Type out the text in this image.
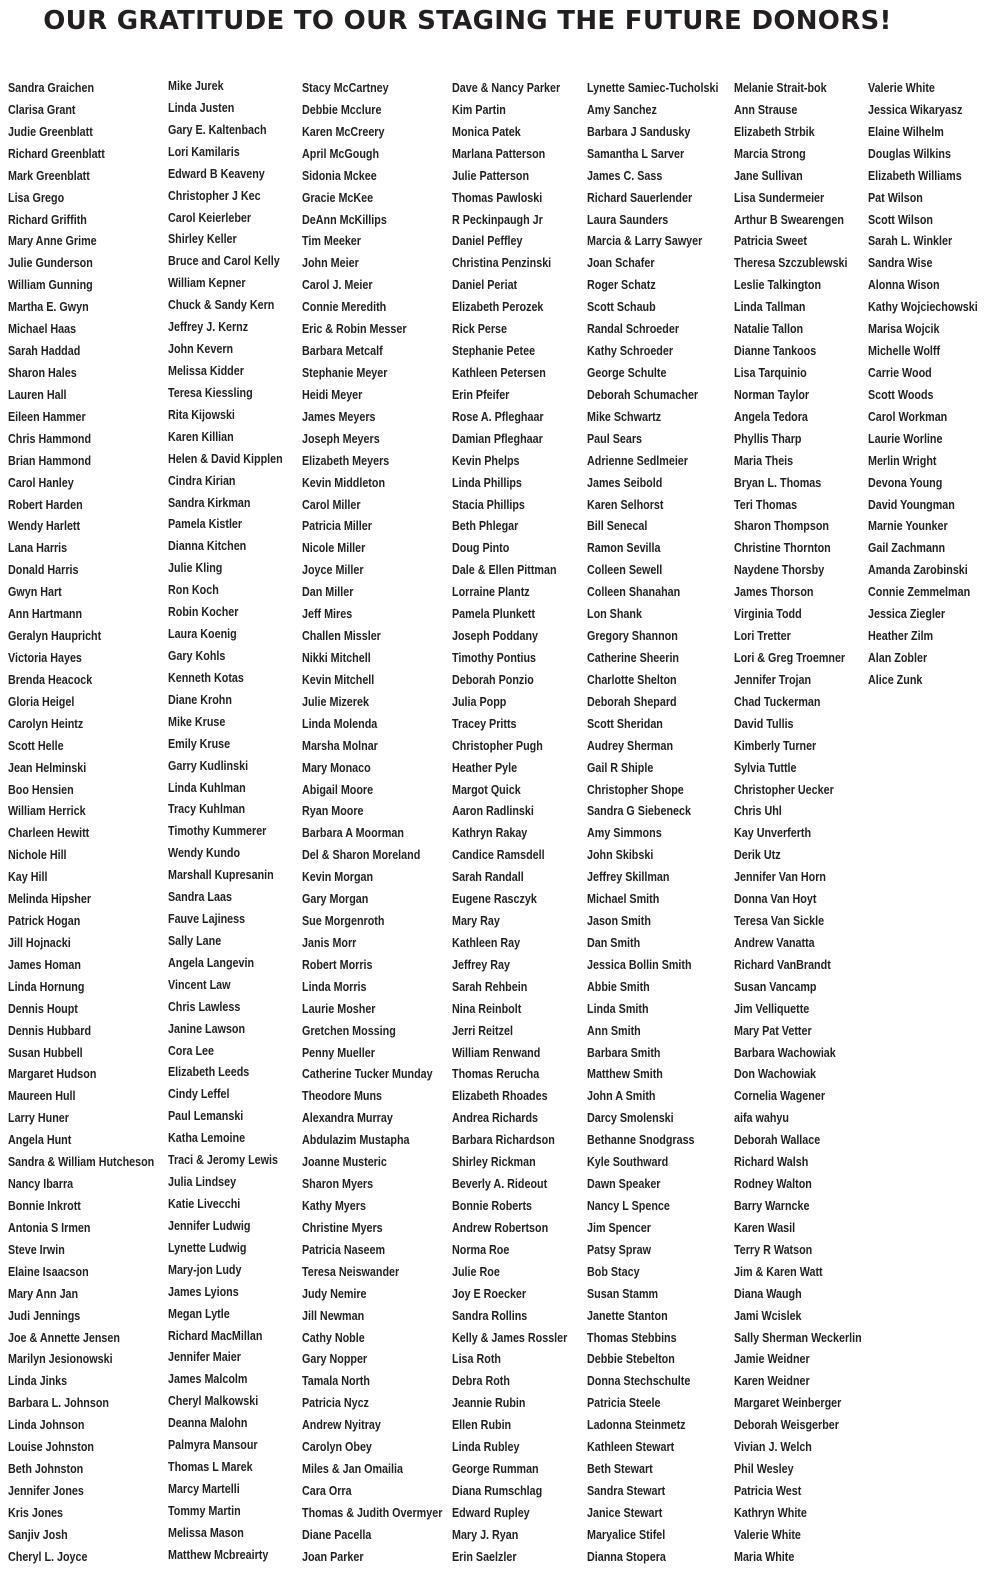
OUR GRATITUDE TO OUR STAGING THE FUTURE DONORS!
Sandra Graichen
Clarisa Grant
Judie Greenblatt
Richard Greenblatt
Mark Greenblatt
Lisa Grego
Richard Griffith
Mary Anne Grime
Julie Gunderson
William Gunning
Martha E. Gwyn
Michael Haas
Sarah Haddad
Sharon Hales
Lauren Hall
Eileen Hammer
Chris Hammond
Brian Hammond
Carol Hanley
Robert Harden
Wendy Harlett
Lana Harris
Donald Harris
Gwyn Hart
Ann Hartmann
Geralyn Haupricht
Victoria Hayes
Brenda Heacock
Gloria Heigel
Carolyn Heintz
Scott Helle
Jean Helminski
Boo Hensien
William Herrick
Charleen Hewitt
Nichole Hill
Kay Hill
Melinda Hipsher
Patrick Hogan
Jill Hojnacki
James Homan
Linda Hornung
Dennis Houpt
Dennis Hubbard
Susan Hubbell
Margaret Hudson
Maureen Hull
Larry Huner
Angela Hunt
Sandra & William Hutcheson
Nancy Ibarra
Bonnie Inkrott
Antonia S Irmen
Steve Irwin
Elaine Isaacson
Mary Ann Jan
Judi Jennings
Joe & Annette Jensen
Marilyn Jesionowski
Linda Jinks
Barbara L. Johnson
Linda Johnson
Louise Johnston
Beth Johnston
Jennifer Jones
Kris Jones
Sanjiv Josh
Cheryl L. Joyce
Mike Jurek
Linda Justen
Gary E. Kaltenbach
Lori Kamilaris
Edward B Keaveny
Christopher J Kec
Carol Keierleber
Shirley Keller
Bruce and Carol Kelly
William Kepner
Chuck & Sandy Kern
Jeffrey J. Kernz
John Kevern
Melissa Kidder
Teresa Kiessling
Rita Kijowski
Karen Killian
Helen & David Kipplen
Cindra Kirian
Sandra Kirkman
Pamela Kistler
Dianna Kitchen
Julie Kling
Ron Koch
Robin Kocher
Laura Koenig
Gary Kohls
Kenneth Kotas
Diane Krohn
Mike Kruse
Emily Kruse
Garry Kudlinski
Linda Kuhlman
Tracy Kuhlman
Timothy Kummerer
Wendy Kundo
Marshall Kupresanin
Sandra Laas
Fauve Lajiness
Sally Lane
Angela Langevin
Vincent Law
Chris Lawless
Janine Lawson
Cora Lee
Elizabeth Leeds
Cindy Leffel
Paul Lemanski
Katha Lemoine
Traci & Jeromy Lewis
Julia Lindsey
Katie Livecchi
Jennifer Ludwig
Lynette Ludwig
Mary-jon Ludy
James Lyions
Megan Lytle
Richard MacMillan
Jennifer Maier
James Malcolm
Cheryl Malkowski
Deanna Malohn
Palmyra Mansour
Thomas L Marek
Marcy Martelli
Tommy Martin
Melissa Mason
Matthew Mcbreairty
Stacy McCartney
Debbie Mcclure
Karen McCreery
April McGough
Sidonia Mckee
Gracie McKee
DeAnn McKillips
Tim Meeker
John Meier
Carol J. Meier
Connie Meredith
Eric & Robin Messer
Barbara Metcalf
Stephanie Meyer
Heidi Meyer
James Meyers
Joseph Meyers
Elizabeth Meyers
Kevin Middleton
Carol Miller
Patricia Miller
Nicole Miller
Joyce Miller
Dan Miller
Jeff Mires
Challen Missler
Nikki Mitchell
Kevin Mitchell
Julie Mizerek
Linda Molenda
Marsha Molnar
Mary Monaco
Abigail Moore
Ryan Moore
Barbara A Moorman
Del & Sharon Moreland
Kevin Morgan
Gary Morgan
Sue Morgenroth
Janis Morr
Robert Morris
Linda Morris
Laurie Mosher
Gretchen Mossing
Penny Mueller
Catherine Tucker Munday
Theodore Muns
Alexandra Murray
Abdulazim Mustapha
Joanne Musteric
Sharon Myers
Kathy Myers
Christine Myers
Patricia Naseem
Teresa Neiswander
Judy Nemire
Jill Newman
Cathy Noble
Gary Nopper
Tamala North
Patricia Nycz
Andrew Nyitray
Carolyn Obey
Miles & Jan Omailia
Cara Orra
Thomas & Judith Overmyer
Diane Pacella
Joan Parker
Dave & Nancy Parker
Kim Partin
Monica Patek
Marlana Patterson
Julie Patterson
Thomas Pawloski
R Peckinpaugh Jr
Daniel Peffley
Christina Penzinski
Daniel Periat
Elizabeth Perozek
Rick Perse
Stephanie Petee
Kathleen Petersen
Erin Pfeifer
Rose A. Pfleghaar
Damian Pfleghaar
Kevin Phelps
Linda Phillips
Stacia Phillips
Beth Phlegar
Doug Pinto
Dale & Ellen Pittman
Lorraine Plantz
Pamela Plunkett
Joseph Poddany
Timothy Pontius
Deborah Ponzio
Julia Popp
Tracey Pritts
Christopher Pugh
Heather Pyle
Margot Quick
Aaron Radlinski
Kathryn Rakay
Candice Ramsdell
Sarah Randall
Eugene Rasczyk
Mary Ray
Kathleen Ray
Jeffrey Ray
Sarah Rehbein
Nina Reinbolt
Jerri Reitzel
William Renwand
Thomas Rerucha
Elizabeth Rhoades
Andrea Richards
Barbara Richardson
Shirley Rickman
Beverly A. Rideout
Bonnie Roberts
Andrew Robertson
Norma Roe
Julie Roe
Joy E Roecker
Sandra Rollins
Kelly & James Rossler
Lisa Roth
Debra Roth
Jeannie Rubin
Ellen Rubin
Linda Rubley
George Rumman
Diana Rumschlag
Edward Rupley
Mary J. Ryan
Erin Saelzler
Lynette Samiec-Tucholski
Amy Sanchez
Barbara J Sandusky
Samantha L Sarver
James C. Sass
Richard Sauerlender
Laura Saunders
Marcia & Larry Sawyer
Joan Schafer
Roger Schatz
Scott Schaub
Randal Schroeder
Kathy Schroeder
George Schulte
Deborah Schumacher
Mike Schwartz
Paul Sears
Adrienne Sedlmeier
James Seibold
Karen Selhorst
Bill Senecal
Ramon Sevilla
Colleen Sewell
Colleen Shanahan
Lon Shank
Gregory Shannon
Catherine Sheerin
Charlotte Shelton
Deborah Shepard
Scott Sheridan
Audrey Sherman
Gail R Shiple
Christopher Shope
Sandra G Siebeneck
Amy Simmons
John Skibski
Jeffrey Skillman
Michael Smith
Jason Smith
Dan Smith
Jessica Bollin Smith
Abbie Smith
Linda Smith
Ann Smith
Barbara Smith
Matthew Smith
John A Smith
Darcy Smolenski
Bethanne Snodgrass
Kyle Southward
Dawn Speaker
Nancy L Spence
Jim Spencer
Patsy Spraw
Bob Stacy
Susan Stamm
Janette Stanton
Thomas Stebbins
Debbie Stebelton
Donna Stechschulte
Patricia Steele
Ladonna Steinmetz
Kathleen Stewart
Beth Stewart
Sandra Stewart
Janice Stewart
Maryalice Stifel
Dianna Stopera
Melanie Strait-bok
Ann Strause
Elizabeth Strbik
Marcia Strong
Jane Sullivan
Lisa Sundermeier
Arthur B Swearengen
Patricia Sweet
Theresa Szczublewski
Leslie Talkington
Linda Tallman
Natalie Tallon
Dianne Tankoos
Lisa Tarquinio
Norman Taylor
Angela Tedora
Phyllis Tharp
Maria Theis
Bryan L. Thomas
Teri Thomas
Sharon Thompson
Christine Thornton
Naydene Thorsby
James Thorson
Virginia Todd
Lori Tretter
Lori & Greg Troemner
Jennifer Trojan
Chad Tuckerman
David Tullis
Kimberly Turner
Sylvia Tuttle
Christopher Uecker
Chris Uhl
Kay Unverferth
Derik Utz
Jennifer Van Horn
Donna Van Hoyt
Teresa Van Sickle
Andrew Vanatta
Richard VanBrandt
Susan Vancamp
Jim Velliquette
Mary Pat Vetter
Barbara Wachowiak
Don Wachowiak
Cornelia Wagener
aifa wahyu
Deborah Wallace
Richard Walsh
Rodney Walton
Barry Warncke
Karen Wasil
Terry R Watson
Jim & Karen Watt
Diana Waugh
Jami Wcislek
Sally Sherman Weckerlin
Jamie Weidner
Karen Weidner
Margaret Weinberger
Deborah Weisgerber
Vivian J. Welch
Phil Wesley
Patricia West
Kathryn White
Valerie White
Maria White
Valerie White
Jessica Wikaryasz
Elaine Wilhelm
Douglas Wilkins
Elizabeth Williams
Pat Wilson
Scott Wilson
Sarah L. Winkler
Sandra Wise
Alonna Wison
Kathy Wojciechowski
Marisa Wojcik
Michelle Wolff
Carrie Wood
Scott Woods
Carol Workman
Laurie Worline
Merlin Wright
Devona Young
David Youngman
Marnie Younker
Gail Zachmann
Amanda Zarobinski
Connie Zemmelman
Jessica Ziegler
Heather Zilm
Alan Zobler
Alice Zunk
